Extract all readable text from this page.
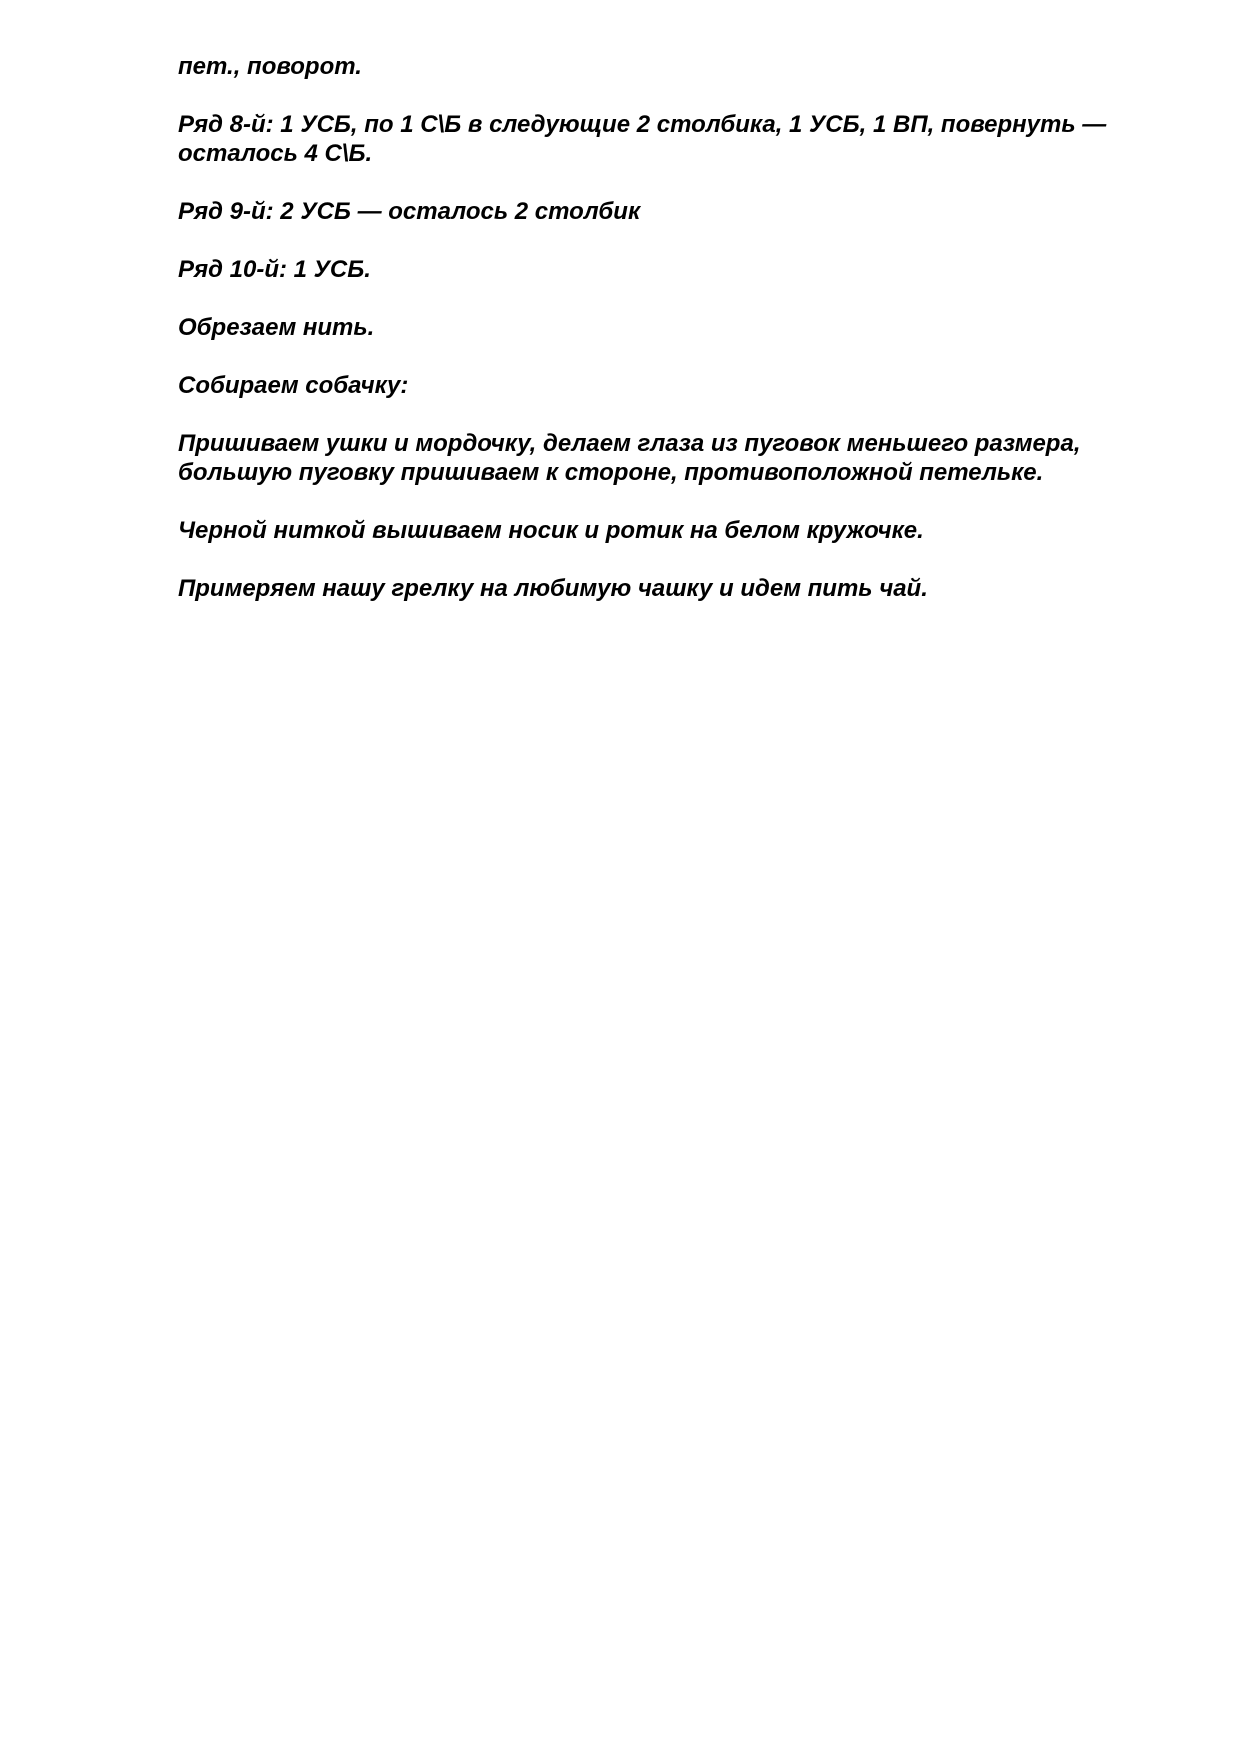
пет., поворот.

Ряд 8-й: 1 УСБ, по 1 С\Б в следующие 2 столбика, 1 УСБ, 1 ВП, повернуть —
осталось 4 С\Б.

Ряд 9-й: 2 УСБ — осталось 2 столбик

Ряд 10-й: 1 УСБ.

Обрезаем нить.

Собираем собачку:

Пришиваем ушки и мордочку, делаем глаза из пуговок меньшего размера,
большую пуговку пришиваем к стороне, противоположной петельке.

Черной ниткой вышиваем носик и ротик на белом кружочке.

Примеряем нашу грелку на любимую чашку и идем пить чай.
